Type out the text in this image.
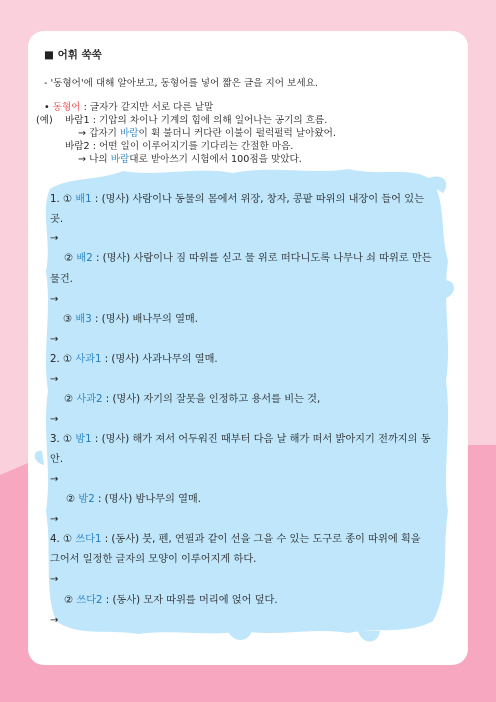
■ 어휘 쑥쑥
- '동형어'에 대해 알아보고, 동형어를 넣어 짧은 글을 지어 보세요.
• 동형어 : 글자가 같지만 서로 다른 낱말
(예) 바람1 : 기압의 차이나 기계의 힘에 의해 일어나는 공기의 흐름.
→ 갑자기 바람이 휙 불더니 커다란 이불이 펄럭펄럭 날아왔어.
바람2 : 어떤 일이 이루어지기를 기다리는 간절한 마음.
→ 나의 바람대로 받아쓰기 시험에서 100점을 맞았다.
1. ① 배1 : (명사) 사람이나 동물의 몸에서 위장, 창자, 콩팥 따위의 내장이 들어 있는
곳.
→
② 배2 : (명사) 사람이나 짐 따위를 싣고 물 위로 떠다니도록 나무나 쇠 따위로 만든
물건.
→
③ 배3 : (명사) 배나무의 열매.
→
2. ① 사과1 : (명사) 사과나무의 열매.
→
② 사과2 : (명사) 자기의 잘못을 인정하고 용서를 비는 것,
→
3. ① 밤1 : (명사) 해가 져서 어두워진 때부터 다음 날 해가 떠서 밝아지기 전까지의 동
안.
→
② 밤2 : (명사) 밤나무의 열매.
→
4. ① 쓰다1 : (동사) 붓, 펜, 연필과 같이 선을 그을 수 있는 도구로 종이 따위에 획을
그어서 일정한 글자의 모양이 이루어지게 하다.
→
② 쓰다2 : (동사) 모자 따위를 머리에 얹어 덮다.
→
